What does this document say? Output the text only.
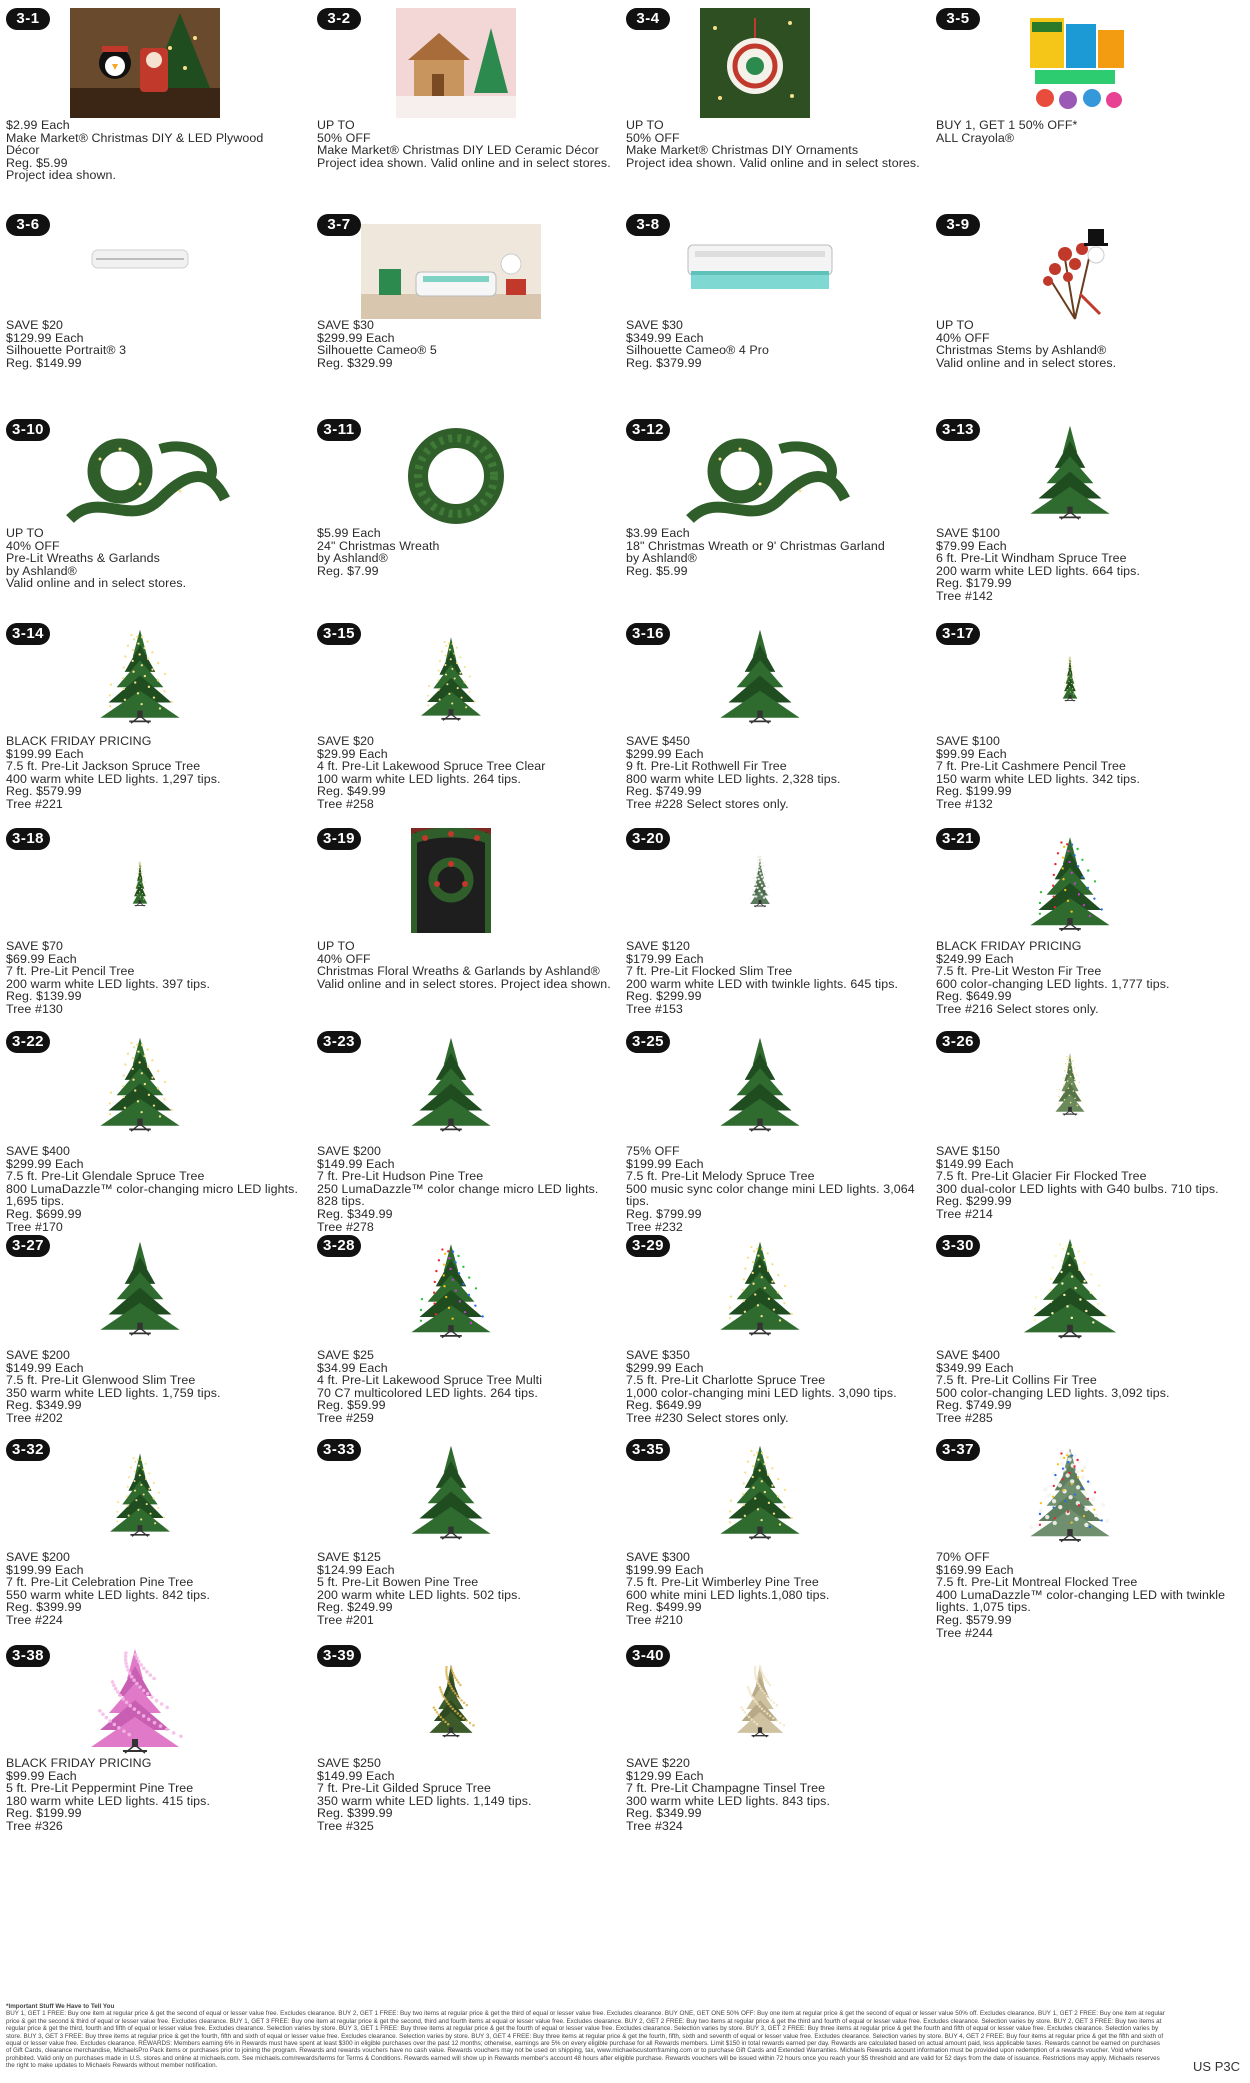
3-1
$2.99 Each
Make Market® Christmas DIY & LED Plywood Décor
Reg. $5.99
Project idea shown.
3-2
UP TO
50% OFF
Make Market® Christmas DIY LED Ceramic Décor
Project idea shown. Valid online and in select stores.
3-4
UP TO
50% OFF
Make Market® Christmas DIY Ornaments
Project idea shown. Valid online and in select stores.
3-5
BUY 1, GET 1 50% OFF*
ALL Crayola®
3-6
SAVE $20
$129.99 Each
Silhouette Portrait® 3
Reg. $149.99
3-7
SAVE $30
$299.99 Each
Silhouette Cameo® 5
Reg. $329.99
3-8
SAVE $30
$349.99 Each
Silhouette Cameo® 4 Pro
Reg. $379.99
3-9
UP TO
40% OFF
Christmas Stems by Ashland®
Valid online and in select stores.
3-10
UP TO
40% OFF
Pre-Lit Wreaths & Garlands
by Ashland®
Valid online and in select stores.
3-11
$5.99 Each
24" Christmas Wreath
by Ashland®
Reg. $7.99
3-12
$3.99 Each
18" Christmas Wreath or 9' Christmas Garland
by Ashland®
Reg. $5.99
3-13
SAVE $100
$79.99 Each
6 ft. Pre-Lit Windham Spruce Tree
200 warm white LED lights. 664 tips.
Reg. $179.99
Tree #142
3-14
BLACK FRIDAY PRICING
$199.99 Each
7.5 ft. Pre-Lit Jackson Spruce Tree
400 warm white LED lights. 1,297 tips.
Reg. $579.99
Tree #221
3-15
SAVE $20
$29.99 Each
4 ft. Pre-Lit Lakewood Spruce Tree Clear
100 warm white LED lights. 264 tips.
Reg. $49.99
Tree #258
3-16
SAVE $450
$299.99 Each
9 ft. Pre-Lit Rothwell Fir Tree
800 warm white LED lights. 2,328 tips.
Reg. $749.99
Tree #228 Select stores only.
3-17
SAVE $100
$99.99 Each
7 ft. Pre-Lit Cashmere Pencil Tree
150 warm white LED lights. 342 tips.
Reg. $199.99
Tree #132
3-18
SAVE $70
$69.99 Each
7 ft. Pre-Lit Pencil Tree
200 warm white LED lights. 397 tips.
Reg. $139.99
Tree #130
3-19
UP TO
40% OFF
Christmas Floral Wreaths & Garlands by Ashland®
Valid online and in select stores. Project idea shown.
3-20
SAVE $120
$179.99 Each
7 ft. Pre-Lit Flocked Slim Tree
200 warm white LED with twinkle lights. 645 tips.
Reg. $299.99
Tree #153
3-21
BLACK FRIDAY PRICING
$249.99 Each
7.5 ft. Pre-Lit Weston Fir Tree
600 color-changing LED lights. 1,777 tips.
Reg. $649.99
Tree #216 Select stores only.
3-22
SAVE $400
$299.99 Each
7.5 ft. Pre-Lit Glendale Spruce Tree
800 LumaDazzle™ color-changing micro LED lights. 1,695 tips.
Reg. $699.99
Tree #170
3-23
SAVE $200
$149.99 Each
7 ft. Pre-Lit Hudson Pine Tree
250 LumaDazzle™ color change micro LED lights. 828 tips.
Reg. $349.99
Tree #278
3-25
75% OFF
$199.99 Each
7.5 ft. Pre-Lit Melody Spruce Tree
500 music sync color change mini LED lights. 3,064 tips.
Reg. $799.99
Tree #232
3-26
SAVE $150
$149.99 Each
7.5 ft. Pre-Lit Glacier Fir Flocked Tree
300 dual-color LED lights with G40 bulbs. 710 tips.
Reg. $299.99
Tree #214
3-27
SAVE $200
$149.99 Each
7.5 ft. Pre-Lit Glenwood Slim Tree
350 warm white LED lights. 1,759 tips.
Reg. $349.99
Tree #202
3-28
SAVE $25
$34.99 Each
4 ft. Pre-Lit Lakewood Spruce Tree Multi
70 C7 multicolored LED lights. 264 tips.
Reg. $59.99
Tree #259
3-29
SAVE $350
$299.99 Each
7.5 ft. Pre-Lit Charlotte Spruce Tree
1,000 color-changing mini LED lights. 3,090 tips.
Reg. $649.99
Tree #230 Select stores only.
3-30
SAVE $400
$349.99 Each
7.5 ft. Pre-Lit Collins Fir Tree
500 color-changing LED lights. 3,092 tips.
Reg. $749.99
Tree #285
3-32
SAVE $200
$199.99 Each
7 ft. Pre-Lit Celebration Pine Tree
550 warm white LED lights. 842 tips.
Reg. $399.99
Tree #224
3-33
SAVE $125
$124.99 Each
5 ft. Pre-Lit Bowen Pine Tree
200 warm white LED lights. 502 tips.
Reg. $249.99
Tree #201
3-35
SAVE $300
$199.99 Each
7.5 ft. Pre-Lit Wimberley Pine Tree
600 white mini LED lights.1,080 tips.
Reg. $499.99
Tree #210
3-37
70% OFF
$169.99 Each
7.5 ft. Pre-Lit Montreal Flocked Tree
400 LumaDazzle™ color-changing LED with twinkle lights. 1,075 tips.
Reg. $579.99
Tree #244
3-38
BLACK FRIDAY PRICING
$99.99 Each
5 ft. Pre-Lit Peppermint Pine Tree
180 warm white LED lights. 415 tips.
Reg. $199.99
Tree #326
3-39
SAVE $250
$149.99 Each
7 ft. Pre-Lit Gilded Spruce Tree
350 warm white LED lights. 1,149 tips.
Reg. $399.99
Tree #325
3-40
SAVE $220
$129.99 Each
7 ft. Pre-Lit Champagne Tinsel Tree
300 warm white LED lights. 843 tips.
Reg. $349.99
Tree #324
*Important Stuff We Have to Tell You
BUY 1, GET 1 FREE: Buy one item at regular price & get the second of equal or lesser value free. Excludes clearance. BUY 2, GET 1 FREE: Buy two items at regular price & get the third of equal or lesser value free. Excludes clearance. BUY ONE, GET ONE 50% OFF: Buy one item at regular price & get the second of equal or lesser value 50% off. Excludes clearance. BUY 1, GET 2 FREE: Buy one item at regular price & get the second & third of equal or lesser value free. Excludes clearance. BUY 1, GET 3 FREE: Buy one item at regular price & get the second, third and fourth items at equal or lesser value free. Excludes clearance. BUY 2, GET 2 FREE: Buy two items at regular price & get the third and fourth of equal or lesser value free. Excludes clearance. Selection varies by store. BUY 2, GET 3 FREE: Buy two items at regular price & get the third, fourth and fifth of equal or lesser value free. Excludes clearance. Selection varies by store. BUY 3, GET 1 FREE: Buy three items at regular price & get the fourth of equal or lesser value free. Excludes clearance. Selection varies by store. BUY 3, GET 2 FREE: Buy three items at regular price & get the fourth and fifth of equal or lesser value free. Excludes clearance. Selection varies by store. BUY 3, GET 3 FREE: Buy three items at regular price & get the fourth, fifth and sixth of equal or lesser value free. Excludes clearance. Selection varies by store. BUY 3, GET 4 FREE: Buy three items at regular price & get the fourth, fifth, sixth and seventh of equal or lesser value free. Excludes clearance. Selection varies by store. BUY 4, GET 2 FREE: Buy four items at regular price & get the fifth and sixth of equal or lesser value free. Excludes clearance. REWARDS: Members earning 6% in Rewards must have spent at least $300 in eligible purchases over the past 12 months; otherwise, earnings are 5% on every eligible purchase for all Rewards members. Limit $150 in total rewards earned per day. Rewards are calculated based on actual amount paid, less applicable taxes. Rewards cannot be earned on purchases of Gift Cards, clearance merchandise, MichaelsPro Pack items or purchases prior to joining the program. Rewards and rewards vouchers have no cash value. Rewards vouchers may not be used on shipping, tax, www.michaelscustomframing.com or to purchase Gift Cards and Extended Warranties. Michaels Rewards account information must be provided upon redemption of a rewards voucher. Void where prohibited. Valid only on purchases made in U.S. stores and online at michaels.com. See michaels.com/rewards/terms for Terms & Conditions. Rewards earned will show up in Rewards member's account 48 hours after eligible purchase. Rewards vouchers will be issued within 72 hours once you reach your $5 threshold and are valid for 52 days from the date of issuance. Restrictions may apply. Michaels reserves the right to make updates to Michaels Rewards without member notification.	US P3C
